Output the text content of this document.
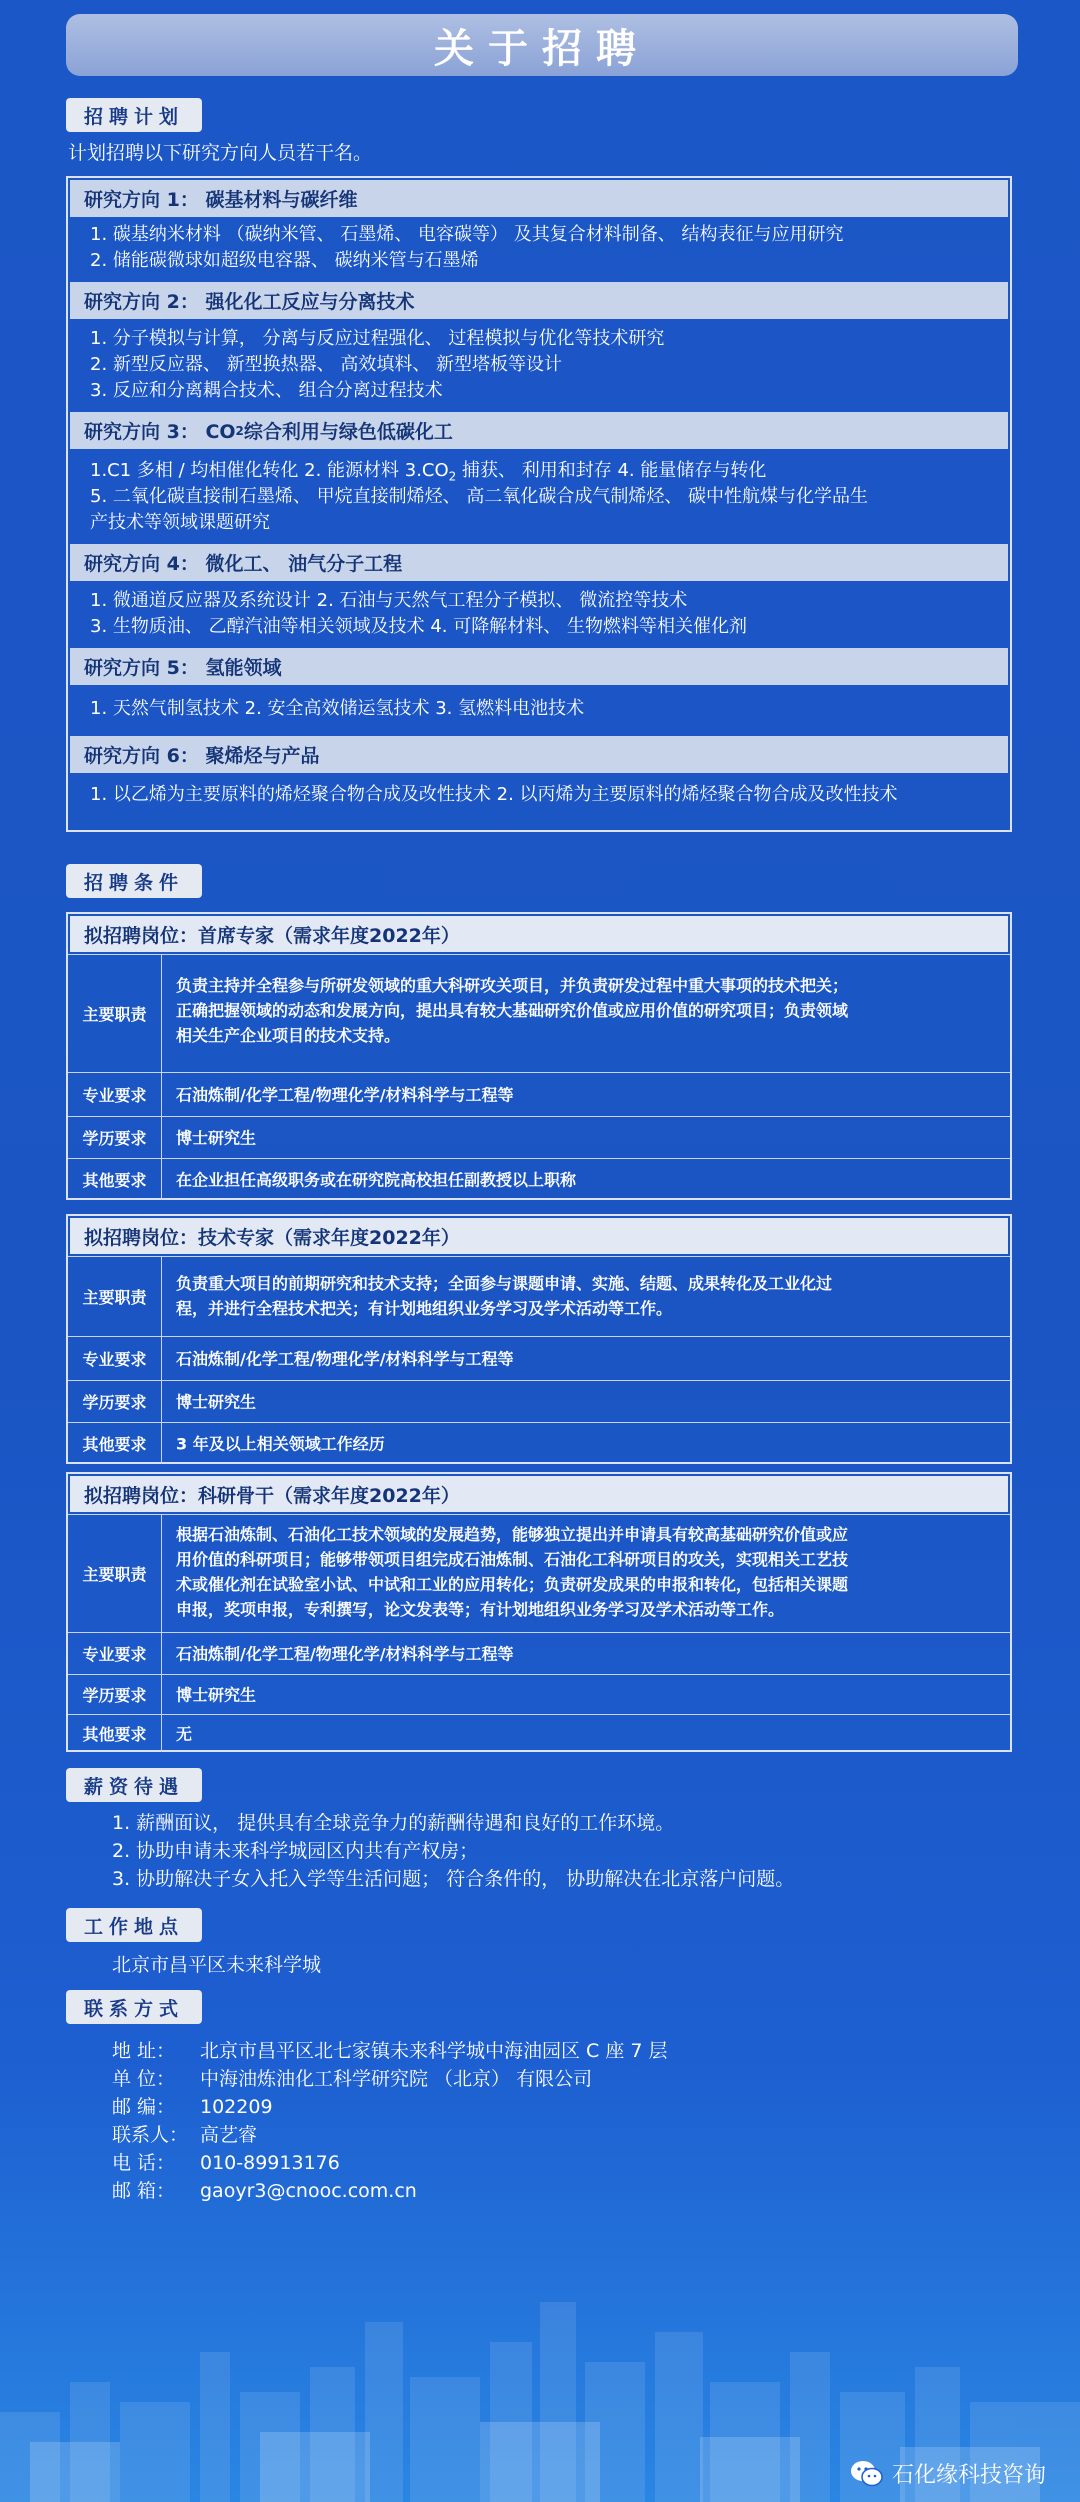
关于招聘
招聘计划
计划招聘以下研究方向人员若干名。
研究方向 1： 碳基材料与碳纤维
1. 碳基纳米材料 （碳纳米管、 石墨烯、 电容碳等） 及其复合材料制备、 结构表征与应用研究
2. 储能碳微球如超级电容器、 碳纳米管与石墨烯
研究方向 2： 强化化工反应与分离技术
1. 分子模拟与计算， 分离与反应过程强化、 过程模拟与优化等技术研究
2. 新型反应器、 新型换热器、 高效填料、 新型塔板等设计
3. 反应和分离耦合技术、 组合分离过程技术
研究方向 3： CO 2 综合利用与绿色低碳化工
1.C1 多相 / 均相催化转化 2. 能源材料 $3.CO_2$ 捕获、 利用和封存 4. 能量储存与转化
5. 二氧化碳直接制石墨烯、 甲烷直接制烯烃、 高二氧化碳合成气制烯烃、 碳中性航煤与化学品生
产技术等领域课题研究
研究方向 4： 微化工、 油气分子工程
1. 微通道反应器及系统设计 2. 石油与天然气工程分子模拟、 微流控等技术
3. 生物质油、 乙醇汽油等相关领域及技术 4. 可降解材料、 生物燃料等相关催化剂
研究方向 5： 氢能领域
1. 天然气制氢技术 2. 安全高效储运氢技术 3. 氢燃料电池技术
研究方向 6： 聚烯烃与产品
1. 以乙烯为主要原料的烯烃聚合物合成及改性技术 2. 以丙烯为主要原料的烯烃聚合物合成及改性技术
招聘条件
拟招聘岗位：首席专家（需求年度2022年）
主要职责
负责主持并全程参与所研发领域的重大科研攻关项目，并负责研发过程中重大事项的技术把关；
正确把握领域的动态和发展方向，提出具有较大基础研究价值或应用价值的研究项目；负责领域
相关生产企业项目的技术支持。
专业要求	石油炼制/化学工程/物理化学/材料科学与工程等
学历要求	博士研究生
其他要求	在企业担任高级职务或在研究院高校担任副教授以上职称
拟招聘岗位：技术专家（需求年度2022年）
主要职责
负责重大项目的前期研究和技术支持；全面参与课题申请、实施、结题、成果转化及工业化过
程，并进行全程技术把关；有计划地组织业务学习及学术活动等工作。
专业要求	石油炼制/化学工程/物理化学/材料科学与工程等
学历要求	博士研究生
其他要求	3 年及以上相关领域工作经历
拟招聘岗位：科研骨干（需求年度2022年）
主要职责
根据石油炼制、石油化工技术领域的发展趋势，能够独立提出并申请具有较高基础研究价值或应
用价值的科研项目；能够带领项目组完成石油炼制、石油化工科研项目的攻关，实现相关工艺技
术或催化剂在试验室小试、中试和工业的应用转化；负责研发成果的申报和转化，包括相关课题
申报，奖项申报，专利撰写，论文发表等；有计划地组织业务学习及学术活动等工作。
专业要求	石油炼制/化学工程/物理化学/材料科学与工程等
学历要求	博士研究生
其他要求	无
薪资待遇
1. 薪酬面议， 提供具有全球竞争力的薪酬待遇和良好的工作环境。
2. 协助申请未来科学城园区内共有产权房；
3. 协助解决子女入托入学等生活问题； 符合条件的， 协助解决在北京落户问题。
工作地点
北京市昌平区未来科学城
联系方式
地 址： 北京市昌平区北七家镇未来科学城中海油园区 C 座 7 层
单 位： 中海油炼油化工科学研究院 （北京） 有限公司
邮 编： 102209
联系人： 高艺睿
电 话： 010-89913176
邮 箱： gaoyr3@cnooc.com.cn
石化缘科技咨询
